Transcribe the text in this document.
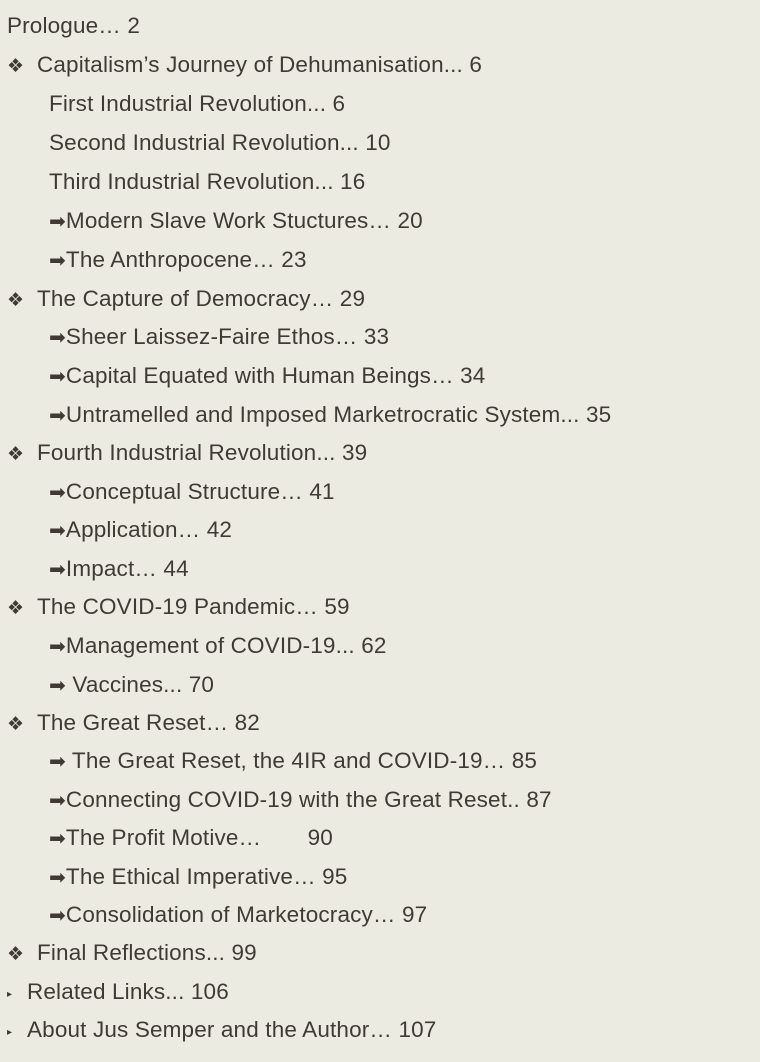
Prologue… 2
❖ Capitalism’s Journey of Dehumanisation... 6
First Industrial Revolution... 6
Second Industrial Revolution... 10
Third Industrial Revolution... 16
➡Modern Slave Work Stuctures… 20
➡The Anthropocene… 23
❖ The Capture of Democracy… 29
➡Sheer Laissez-Faire Ethos… 33
➡Capital Equated with Human Beings… 34
➡Untramelled and Imposed Marketrocratic System... 35
❖ Fourth Industrial Revolution... 39
➡Conceptual Structure… 41
➡Application… 42
➡Impact… 44
❖ The COVID-19 Pandemic… 59
➡Management of COVID-19... 62
➡ Vaccines... 70
❖ The Great Reset… 82
➡ The Great Reset, the 4IR and COVID-19… 85
➡Connecting COVID-19 with the Great Reset.. 87
➡The Profit Motive… 90
➡The Ethical Imperative… 95
➡Consolidation of Marketocracy… 97
❖ Final Reflections... 99
▸ Related Links... 106
▸ About Jus Semper and the Author… 107
